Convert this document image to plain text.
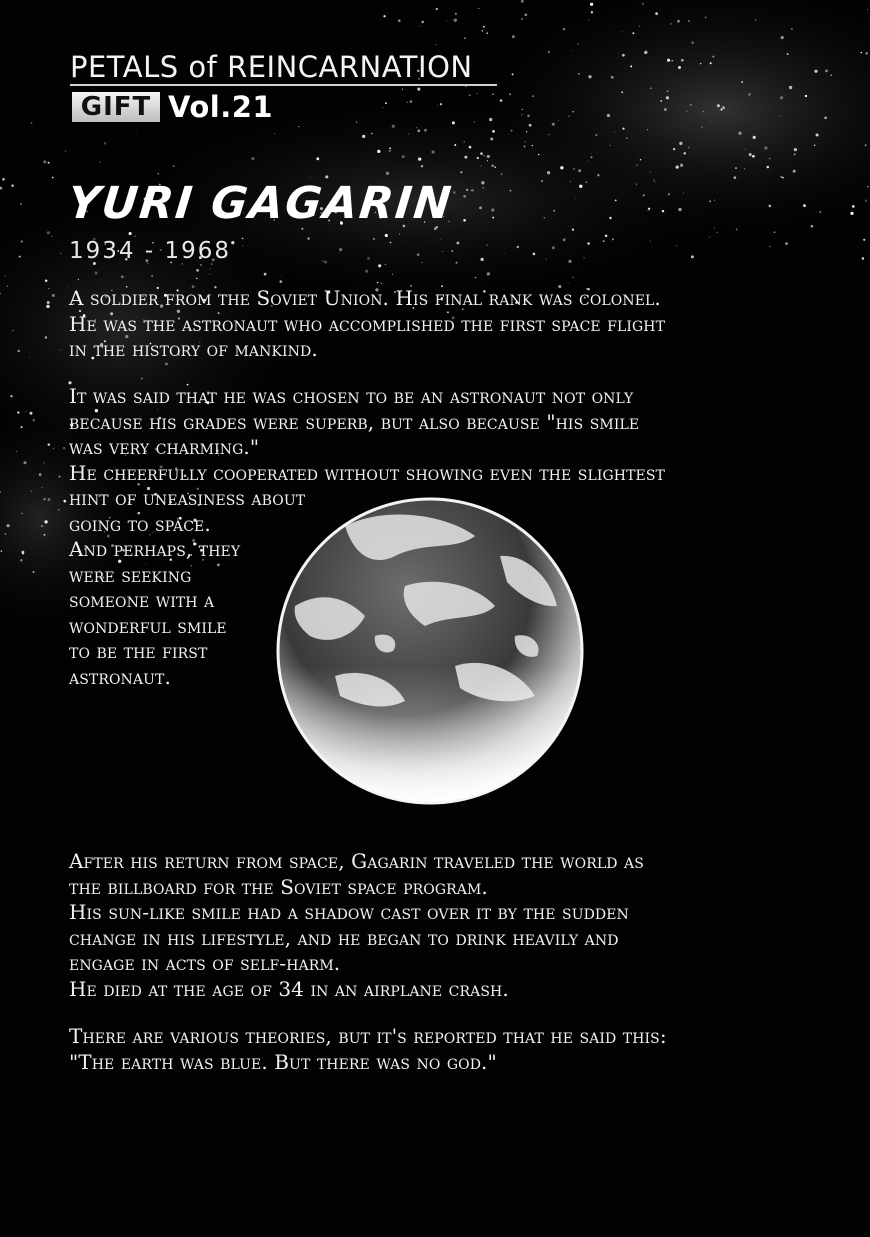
PETALS of REINCARNATION
GIFT Vol.21
YURI GAGARIN
1934 - 1968

A soldier from the Soviet Union. His final rank was colonel.
He was the astronaut who accomplished the first space flight
in the history of mankind.

It was said that he was chosen to be an astronaut not only
because his grades were superb, but also because "his smile
was very charming."
He cheerfully cooperated without showing even the slightest
hint of uneasiness about
going to space.
And perhaps, they
were seeking
someone with a
wonderful smile
to be the first
astronaut.

After his return from space, Gagarin traveled the world as
the billboard for the Soviet space program.
His sun-like smile had a shadow cast over it by the sudden
change in his lifestyle, and he began to drink heavily and
engage in acts of self-harm.
He died at the age of 34 in an airplane crash.

There are various theories, but it's reported that he said this:
"The earth was blue. But there was no god."
